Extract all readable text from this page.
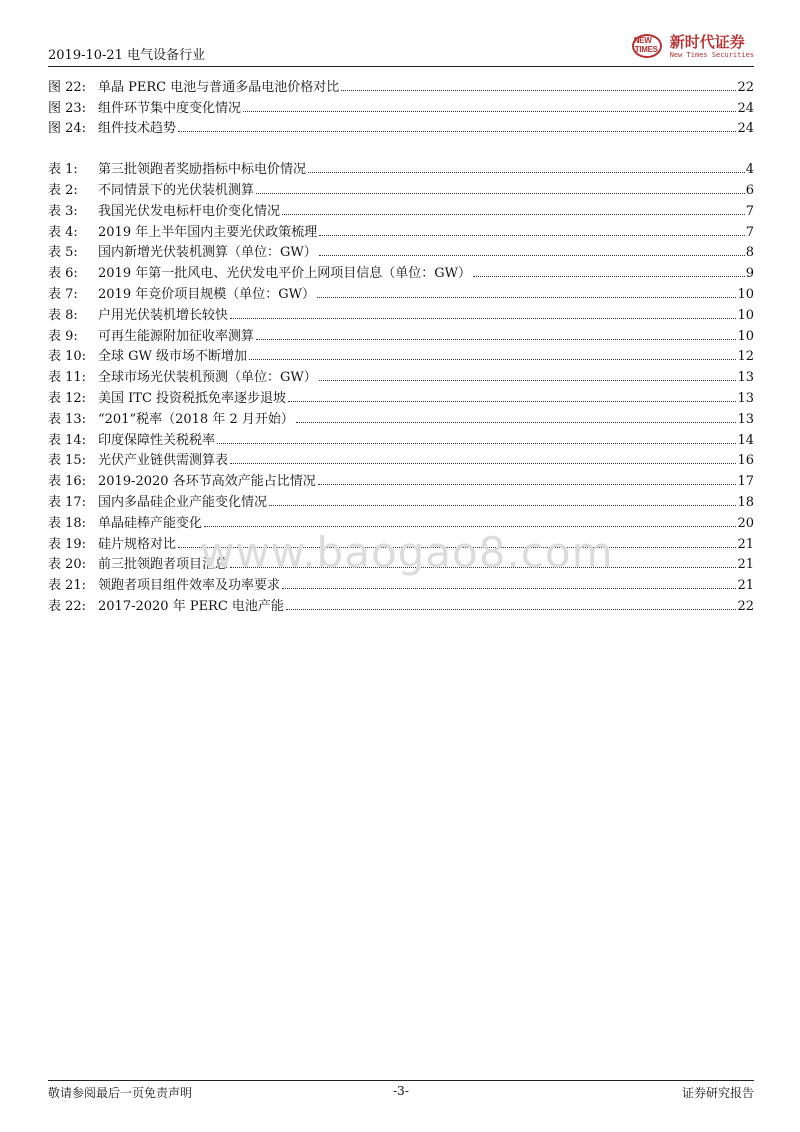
2019-10-21 电气设备行业
NEW
TIMES 新时代证券
New Times Securities
图 22: 单晶 PERC 电池与普通多晶电池价格对比	22
图 23: 组件环节集中度变化情况	24
图 24: 组件技术趋势	24
表 1:	第三批领跑者奖励指标中标电价情况	4
表 2:	不同情景下的光伏装机测算	6
表 3:	我国光伏发电标杆电价变化情况	7
表 4:	2019 年上半年国内主要光伏政策梳理	7
表 5:	国内新增光伏装机测算（单位：GW）	8
表 6:	2019 年第一批风电、光伏发电平价上网项目信息（单位：GW）	9
表 7:	2019 年竞价项目规模（单位：GW）	10
表 8:	户用光伏装机增长较快	10
表 9:	可再生能源附加征收率测算	10
表 10: 全球 GW 级市场不断增加	12
表 11: 全球市场光伏装机预测（单位：GW）	13
表 12: 美国 ITC 投资税抵免率逐步退坡	13
表 13: “201”税率（2018 年 2 月开始）	13
表 14: 印度保障性关税税率	14
表 15: 光伏产业链供需测算表	16
表 16: 2019-2020 各环节高效产能占比情况	17
表 17: 国内多晶硅企业产能变化情况	18
表 18: 单晶硅棒产能变化	20
表 19: 硅片规格对比	21
表 20: 前三批领跑者项目汇总	21
表 21: 领跑者项目组件效率及功率要求	21
表 22: 2017-2020 年 PERC 电池产能	22
www.baogao8.com
敬请参阅最后一页免责声明	-3-	证券研究报告
